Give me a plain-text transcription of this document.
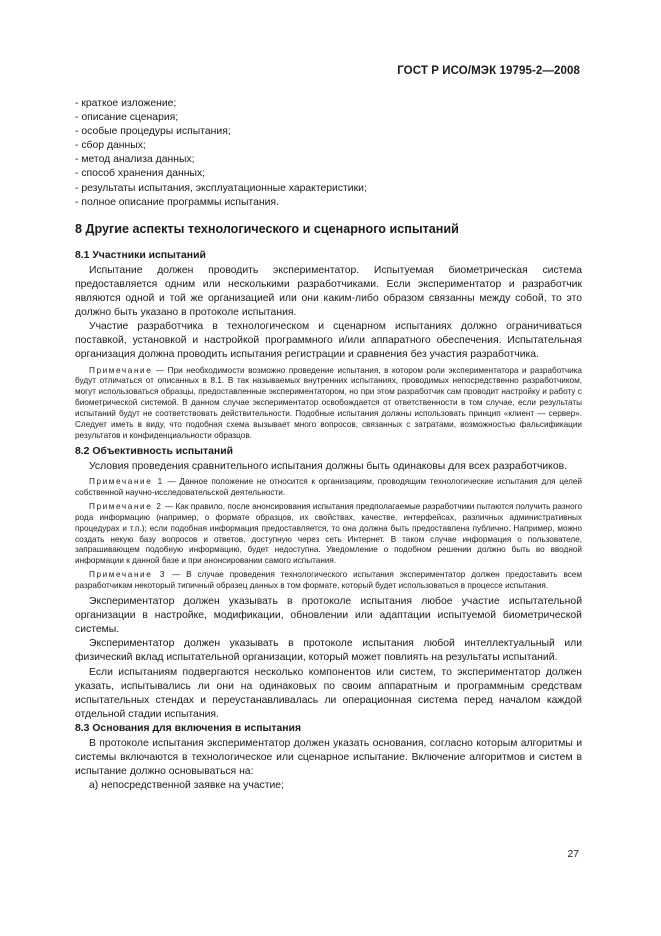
ГОСТ Р ИСО/МЭК 19795-2—2008
- краткое изложение;
- описание сценария;
- особые процедуры испытания;
- сбор данных;
- метод анализа данных;
- способ хранения данных;
- результаты испытания, эксплуатационные характеристики;
- полное описание программы испытания.
8 Другие аспекты технологического и сценарного испытаний
8.1 Участники испытаний

Испытание должен проводить экспериментатор. Испытуемая биометрическая система предоставляется одним или несколькими разработчиками. Если экспериментатор и разработчик являются одной и той же организацией или они каким-либо образом связанны между собой, то это должно быть указано в протоколе испытания.

Участие разработчика в технологическом и сценарном испытаниях должно ограничиваться поставкой, установкой и настройкой программного и/или аппаратного обеспечения. Испытательная организация должна проводить испытания регистрации и сравнения без участия разработчика.

Примечание — При необходимости возможно проведение испытания, в котором роли экспериментатора и разработчика будут отличаться от описанных в 8.1. В так называемых внутренних испытаниях, проводимых непосредственно разработчиком, могут использоваться образцы, предоставленные экспериментатором, но при этом разработчик сам проводит настройку и работу с биометрической системой. В данном случае экспериментатор освобождается от ответственности в том случае, если результаты испытаний будут не соответствовать действительности. Подобные испытания должны использовать принцип «клиент — сервер». Следует иметь в виду, что подобная схема вызывает много вопросов, связанных с затратами, возможностью фальсификации результатов и конфиденциальности образцов.

8.2 Объективность испытаний

Условия проведения сравнительного испытания должны быть одинаковы для всех разработчиков.

Примечание 1 — Данное положение не относится к организациям, проводящим технологические испытания для целей собственной научно-исследовательской деятельности.

Примечание 2 — Как правило, после анонсирования испытания предполагаемые разработчики пытаются получить разного рода информацию (например, о формате образцов, их свойствах, качестве, интерфейсах, различных административных процедурах и т.п.); если подобная информация предоставляется, то она должна быть предоставлена публично. Например, можно создать некую базу вопросов и ответов, доступную через сеть Интернет. В таком случае информация о пользователе, запрашивающем подобную информацию, будет недоступна. Уведомление о подобном решении должно быть во вводной информации к данной базе и при анонсировании самого испытания.

Примечание 3 — В случае проведения технологического испытания экспериментатор должен предоставить всем разработчикам некоторый типичный образец данных в том формате, который будет использоваться в процессе испытания.

Экспериментатор должен указывать в протоколе испытания любое участие испытательной организации в настройке, модификации, обновлении или адаптации испытуемой биометрической системы.

Экспериментатор должен указывать в протоколе испытания любой интеллектуальный или физический вклад испытательной организации, который может повлиять на результаты испытаний.

Если испытаниям подвергаются несколько компонентов или систем, то экспериментатор должен указать, испытывались ли они на одинаковых по своим аппаратным и программным средствам испытательных стендах и переустанавливалась ли операционная система перед началом каждой отдельной стадии испытания.

8.3 Основания для включения в испытания

В протоколе испытания экспериментатор должен указать основания, согласно которым алгоритмы и системы включаются в технологическое или сценарное испытание. Включение алгоритмов и систем в испытание должно основываться на:

а) непосредственной заявке на участие;

27
